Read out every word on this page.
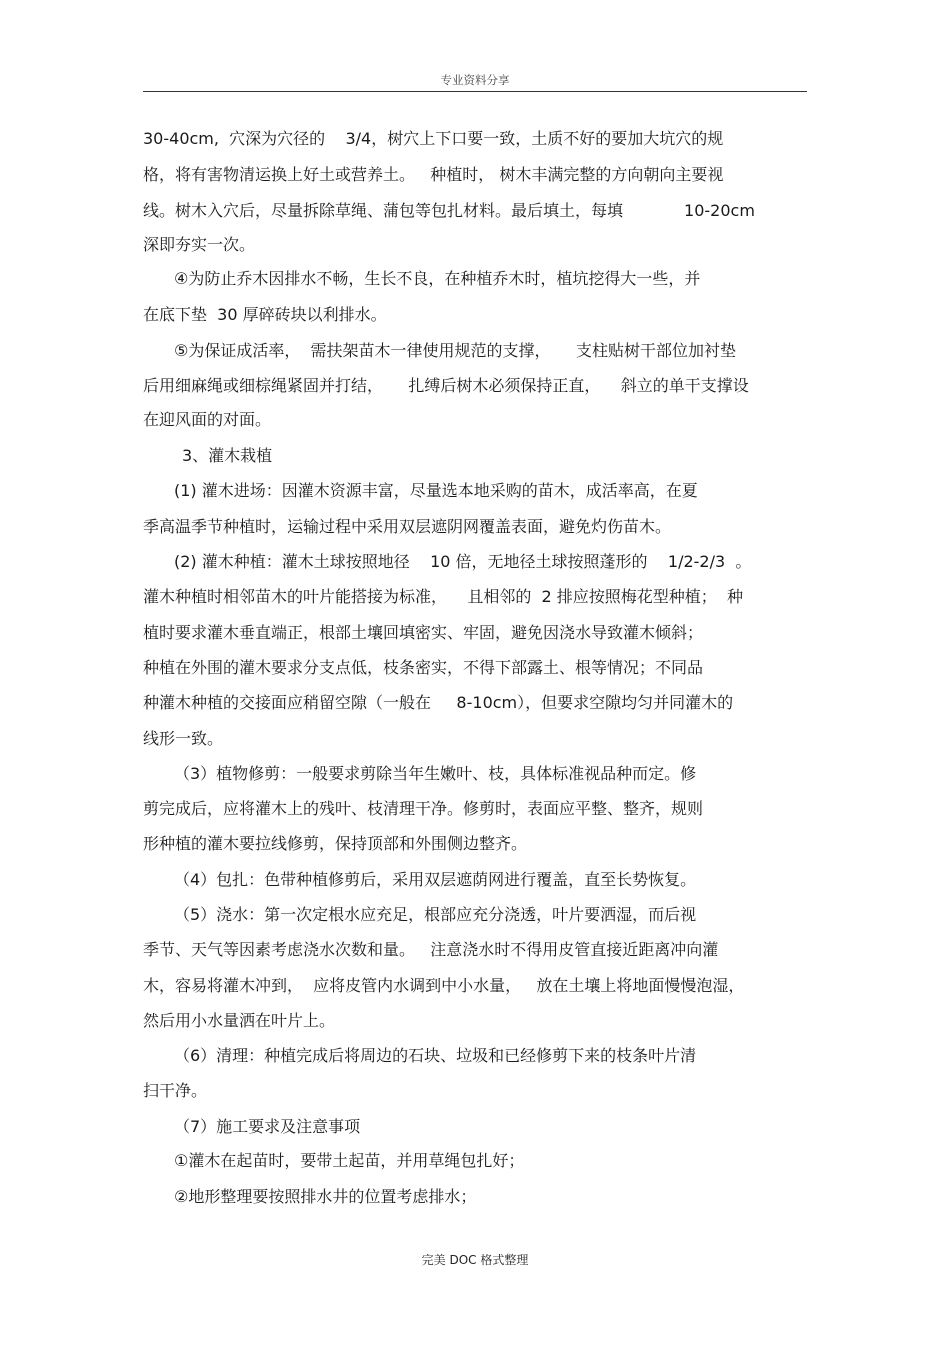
专业资料分享
30-40cm,  穴深为穴径的    3/4，树穴上下口要一致，土质不好的要加大坑穴的规
格，将有害物清运换上好土或营养土。   种植时， 树木丰满完整的方向朝向主要视
线。树木入穴后，尽量拆除草绳、蒲包等包扎材料。最后填土，每填            10-20cm
深即夯实一次。
④为防止乔木因排水不畅，生长不良，在种植乔木时，植坑挖得大一些，并
在底下垫  30 厚碎砖块以利排水。
⑤为保证成活率，  需扶架苗木一律使用规范的支撑，     支柱贴树干部位加衬垫
后用细麻绳或细棕绳紧固并打结，     扎缚后树木必须保持正直，    斜立的单干支撑设
在迎风面的对面。
3、灌木栽植
(1) 灌木进场：因灌木资源丰富，尽量选本地采购的苗木，成活率高，在夏
季高温季节种植时，运输过程中采用双层遮阴网覆盖表面，避免灼伤苗木。
(2) 灌木种植：灌木土球按照地径    10 倍，无地径土球按照蓬形的    1/2-2/3  。
灌木种植时相邻苗木的叶片能搭接为标准，    且相邻的  2 排应按照梅花型种植；  种
植时要求灌木垂直端正，根部土壤回填密实、牢固，避免因浇水导致灌木倾斜；
种植在外围的灌木要求分支点低，枝条密实，不得下部露土、根等情况；不同品
种灌木种植的交接面应稍留空隙（一般在     8-10cm），但要求空隙均匀并同灌木的
线形一致。
（3）植物修剪：一般要求剪除当年生嫩叶、枝，具体标准视品种而定。修
剪完成后，应将灌木上的残叶、枝清理干净。修剪时，表面应平整、整齐，规则
形种植的灌木要拉线修剪，保持顶部和外围侧边整齐。
（4）包扎：色带种植修剪后，采用双层遮荫网进行覆盖，直至长势恢复。
（5）浇水：第一次定根水应充足，根部应充分浇透，叶片要洒湿，而后视
季节、天气等因素考虑浇水次数和量。   注意浇水时不得用皮管直接近距离冲向灌
木，容易将灌木冲到，  应将皮管内水调到中小水量，   放在土壤上将地面慢慢泡湿，
然后用小水量洒在叶片上。
（6）清理：种植完成后将周边的石块、垃圾和已经修剪下来的枝条叶片清
扫干净。
（7）施工要求及注意事项
①灌木在起苗时，要带土起苗，并用草绳包扎好；
②地形整理要按照排水井的位置考虑排水；
完美 DOC 格式整理
